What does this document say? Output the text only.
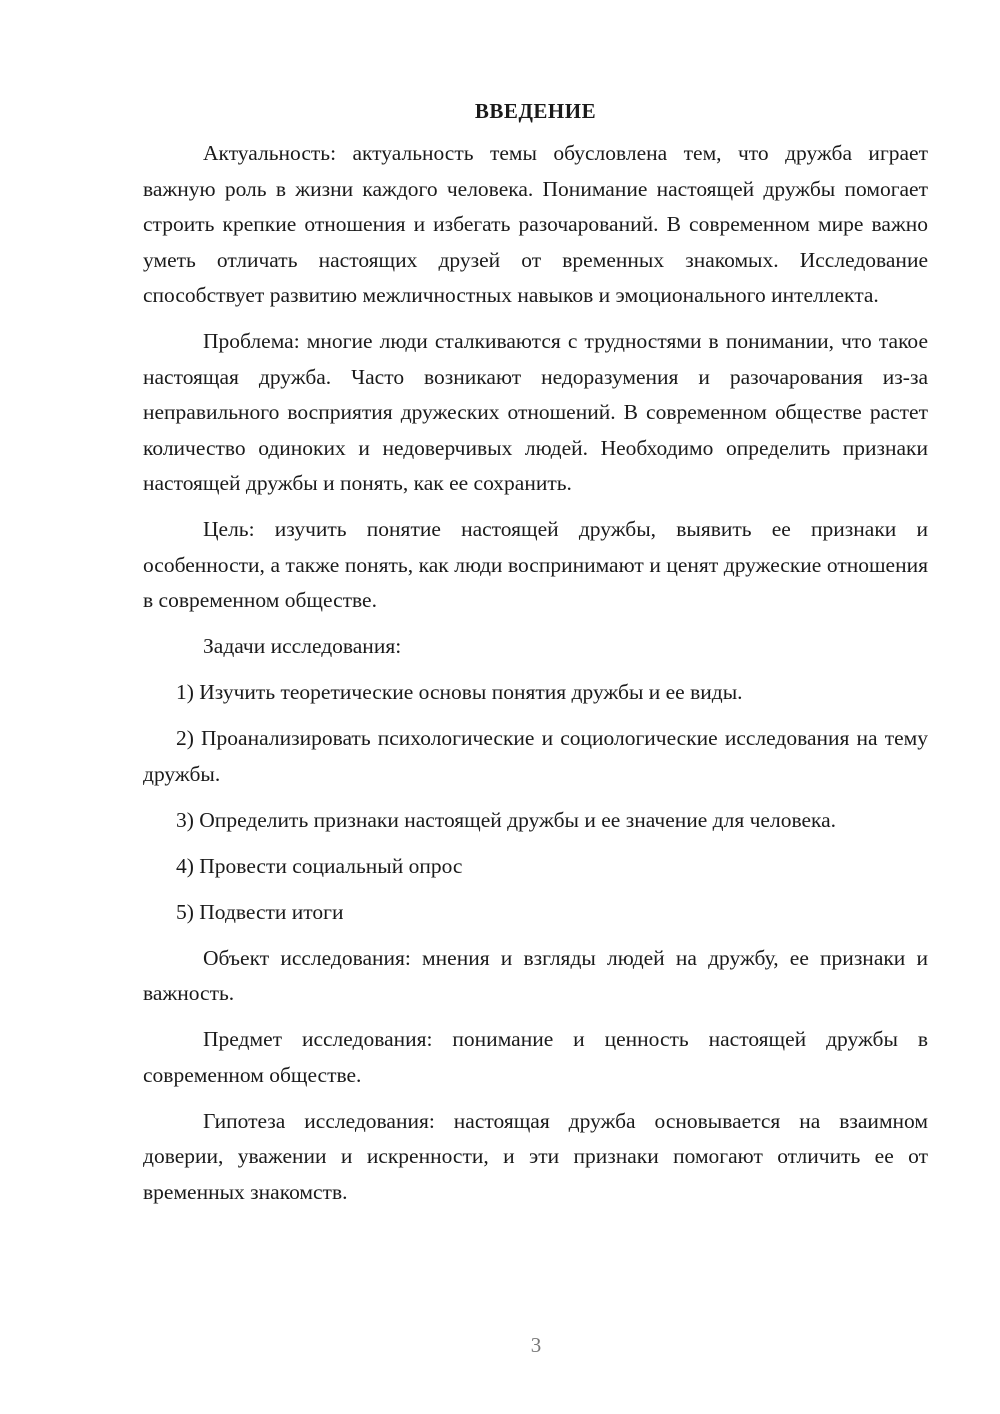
ВВЕДЕНИЕ

Актуальность: актуальность темы обусловлена тем, что дружба играет важную роль в жизни каждого человека. Понимание настоящей дружбы помогает строить крепкие отношения и избегать разочарований. В современном мире важно уметь отличать настоящих друзей от временных знакомых. Исследование способствует развитию межличностных навыков и эмоционального интеллекта.

Проблема: многие люди сталкиваются с трудностями в понимании, что такое настоящая дружба. Часто возникают недоразумения и разочарования из-за неправильного восприятия дружеских отношений. В современном обществе растет количество одиноких и недоверчивых людей. Необходимо определить признаки настоящей дружбы и понять, как ее сохранить.

Цель: изучить понятие настоящей дружбы, выявить ее признаки и особенности, а также понять, как люди воспринимают и ценят дружеские отношения в современном обществе.

Задачи исследования:

1) Изучить теоретические основы понятия дружбы и ее виды.

2) Проанализировать психологические и социологические исследования на тему дружбы.

3) Определить признаки настоящей дружбы и ее значение для человека.

4) Провести социальный опрос

5) Подвести итоги

Объект исследования: мнения и взгляды людей на дружбу, ее признаки и важность.

Предмет исследования: понимание и ценность настоящей дружбы в современном обществе.

Гипотеза исследования: настоящая дружба основывается на взаимном доверии, уважении и искренности, и эти признаки помогают отличить ее от временных знакомств.

3
